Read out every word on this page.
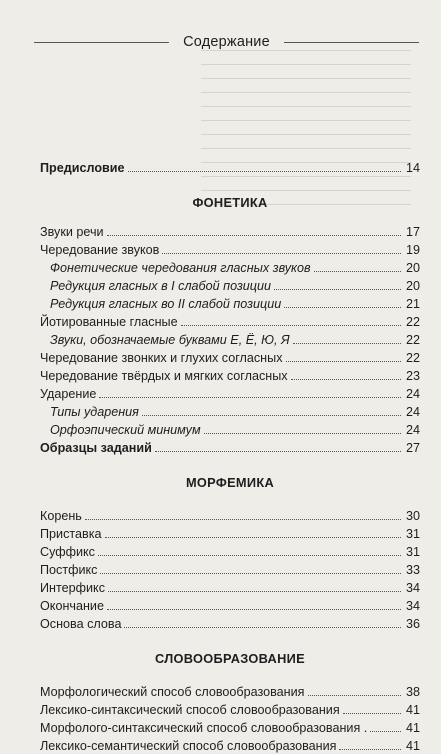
Содержание
Предисловие	14
ФОНЕТИКА
Звуки речи	17
Чередование звуков	19
Фонетические чередования гласных звуков	20
Редукция гласных в I слабой позиции	20
Редукция гласных во II слабой позиции	21
Йотированные гласные	22
Звуки, обозначаемые буквами Е, Ё, Ю, Я	22
Чередование звонких и глухих согласных	22
Чередование твёрдых и мягких согласных	23
Ударение	24
Типы ударения	24
Орфоэпический минимум	24
Образцы заданий	27
МОРФЕМИКА
Корень	30
Приставка	31
Суффикс	31
Постфикс	33
Интерфикс	34
Окончание	34
Основа слова	36
СЛОВООБРАЗОВАНИЕ
Морфологический способ словообразования	38
Лексико-синтаксический способ словообразования	41
Морфолого-синтаксический способ словообразования .	41
Лексико-семантический способ словообразования	41
